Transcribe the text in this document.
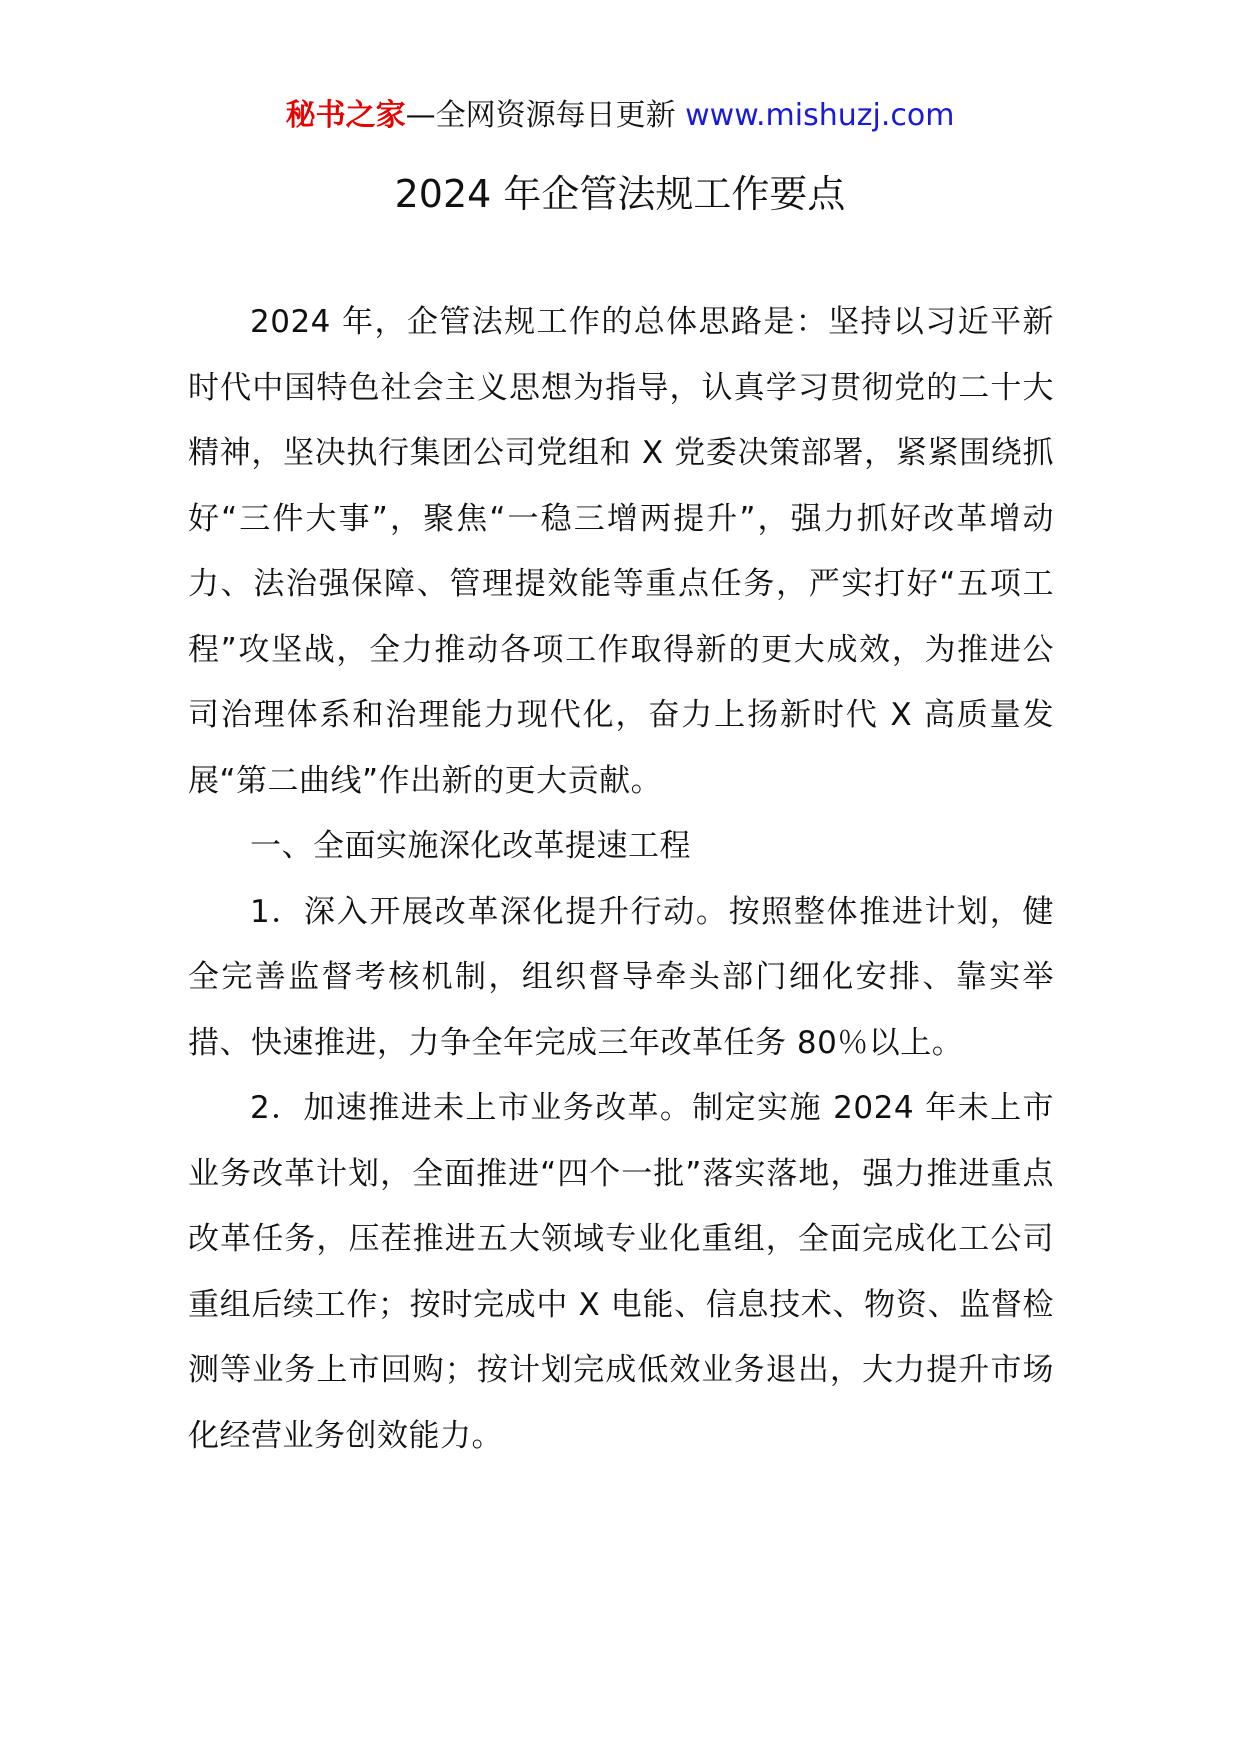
秘书之家—全网资源每日更新 www.mishuzj.com
2024 年企管法规工作要点

2024 年，企管法规工作的总体思路是：坚持以习近平新时代中国特色社会主义思想为指导，认真学习贯彻党的二十大精神，坚决执行集团公司党组和 X 党委决策部署，紧紧围绕抓好“三件大事”，聚焦“一稳三增两提升”，强力抓好改革增动力、法治强保障、管理提效能等重点任务，严实打好“五项工程”攻坚战，全力推动各项工作取得新的更大成效，为推进公司治理体系和治理能力现代化，奋力上扬新时代 X 高质量发展“第二曲线”作出新的更大贡献。

一、全面实施深化改革提速工程

1．深入开展改革深化提升行动。按照整体推进计划，健全完善监督考核机制，组织督导牵头部门细化安排、靠实举措、快速推进，力争全年完成三年改革任务 80％以上。

2．加速推进未上市业务改革。制定实施 2024 年未上市业务改革计划，全面推进“四个一批”落实落地，强力推进重点改革任务，压茬推进五大领域专业化重组，全面完成化工公司重组后续工作；按时完成中 X 电能、信息技术、物资、监督检测等业务上市回购；按计划完成低效业务退出，大力提升市场化经营业务创效能力。
